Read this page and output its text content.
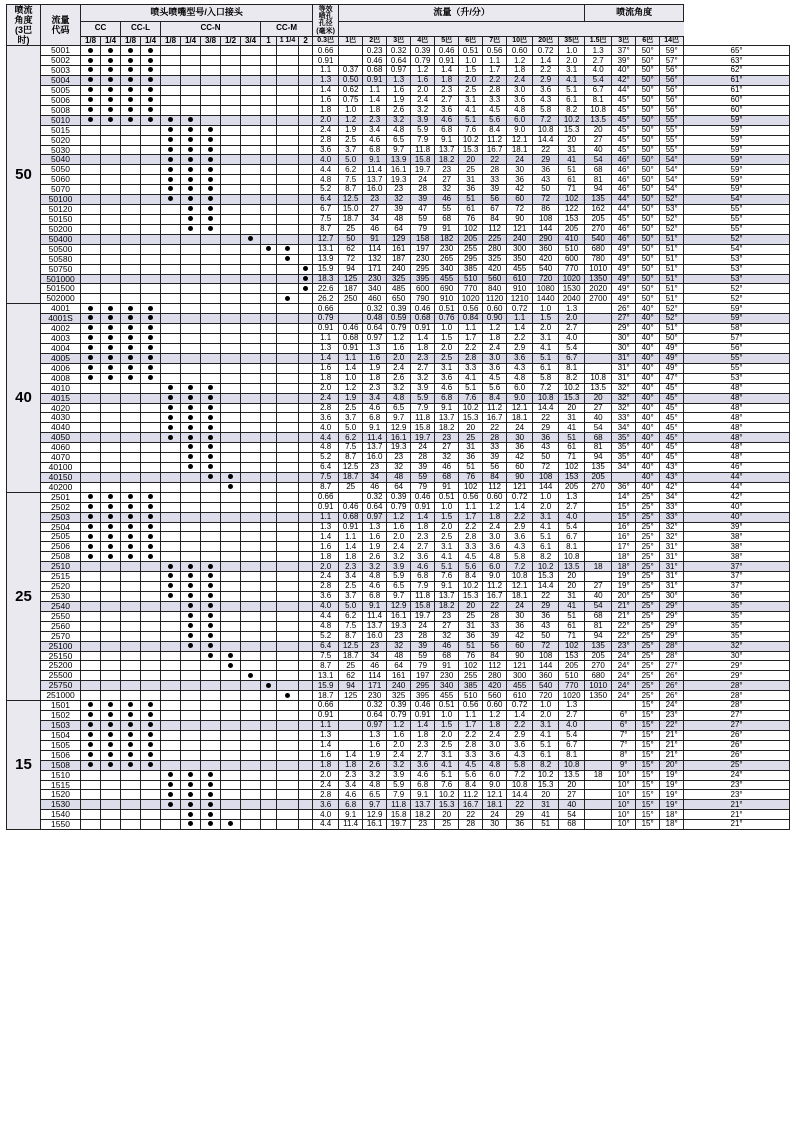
喷流
角度
(3巴
时)	流量
代码	喷头喷嘴型号/入口接头												等效
喷孔
孔径
(毫米)	流量（升/分）										喷流角度				
		CC		CC-L		CC-N					CC-M																		
		1/8	1/4	1/8	1/4	1/8	1/4	3/8	1/2	3/4	1	1 1/4	2	0.3巴	1巴	2巴	3巴	4巴	5巴	6巴	7巴	10巴	20巴	35巴	1.5巴	3巴	6巴	14巴	
50	5001													0.66		0.23	0.32	0.39	0.46	0.51	0.56	0.60	0.72	1.0	1.3	37°	50°	59°	65°
	5002													0.91		0.46	0.64	0.79	0.91	1.0	1.1	1.2	1.4	2.0	2.7	39°	50°	57°	63°
	5003													1.1	0.37	0.68	0.97	1.2	1.4	1.5	1.7	1.8	2.2	3.1	4.0	40°	50°	56°	62°
	5004													1.3	0.50	0.91	1.3	1.6	1.8	2.0	2.2	2.4	2.9	4.1	5.4	42°	50°	56°	61°
	5005													1.4	0.62	1.1	1.6	2.0	2.3	2.5	2.8	3.0	3.6	5.1	6.7	44°	50°	56°	61°
	5006													1.6	0.75	1.4	1.9	2.4	2.7	3.1	3.3	3.6	4.3	6.1	8.1	45°	50°	56°	60°
	5008													1.8	1.0	1.8	2.6	3.2	3.6	4.1	4.5	4.8	5.8	8.2	10.8	45°	50°	56°	60°
	5010													2.0	1.2	2.3	3.2	3.9	4.6	5.1	5.6	6.0	7.2	10.2	13.5	45°	50°	55°	59°
	5015													2.4	1.9	3.4	4.8	5.9	6.8	7.6	8.4	9.0	10.8	15.3	20	45°	50°	55°	59°
	5020													2.8	2.5	4.6	6.5	7.9	9.1	10.2	11.2	12.1	14.4	20	27	45°	50°	55°	59°
	5030													3.6	3.7	6.8	9.7	11.8	13.7	15.3	16.7	18.1	22	31	40	45°	50°	55°	59°
	5040													4.0	5.0	9.1	13.9	15.8	18.2	20	22	24	29	41	54	46°	50°	54°	59°
	5050													4.4	6.2	11.4	16.1	19.7	23	25	28	30	36	51	68	46°	50°	54°	59°
	5060													4.8	7.5	13.7	19.3	24	27	31	33	36	43	61	81	46°	50°	54°	59°
	5070													5.2	8.7	16.0	23	28	32	36	39	42	50	71	94	46°	50°	54°	59°
	50100													6.4	12.5	23	32	39	46	51	56	60	72	102	135	44°	50°	52°	54°
	50120													6.7	15.0	27	39	47	55	61	67	72	86	122	162	44°	50°	53°	55°
	50150													7.5	18.7	34	48	59	68	76	84	90	108	153	205	45°	50°	52°	55°
	50200													8.7	25	46	64	79	91	102	112	121	144	205	270	46°	50°	52°	55°
	50400													12.7	50	91	129	158	182	205	225	240	290	410	540	46°	50°	51°	52°
	50500													13.1	62	114	161	197	230	255	280	300	360	510	680	49°	50°	51°	54°
	50580													13.9	72	132	187	230	265	295	325	350	420	600	780	49°	50°	51°	53°
	50750													15.9	94	171	240	295	340	385	420	455	540	770	1010	49°	50°	51°	53°
	501000													18.3	125	230	325	395	455	510	560	610	720	1020	1350	49°	50°	51°	53°
	501500													22.6	187	340	485	600	690	770	840	910	1080	1530	2020	49°	50°	51°	52°
	502000													26.2	250	460	650	790	910	1020	1120	1210	1440	2040	2700	49°	50°	51°	52°
40	4001													0.66		0.32	0.39	0.46	0.51	0.56	0.60	0.72	1.0	1.3		26°	40°	52°	59°
	4001S													0.79		0.48	0.59	0.68	0.76	0.84	0.90	1.1	1.5	2.0		27°	40°	52°	59°
	4002													0.91	0.46	0.64	0.79	0.91	1.0	1.1	1.2	1.4	2.0	2.7		29°	40°	51°	58°
	4003													1.1	0.68	0.97	1.2	1.4	1.5	1.7	1.8	2.2	3.1	4.0		30°	40°	50°	57°
	4004													1.3	0.91	1.3	1.6	1.8	2.0	2.2	2.4	2.9	4.1	5.4		30°	40°	49°	56°
	4005													1.4	1.1	1.6	2.0	2.3	2.5	2.8	3.0	3.6	5.1	6.7		31°	40°	49°	55°
	4006													1.6	1.4	1.9	2.4	2.7	3.1	3.3	3.6	4.3	6.1	8.1		31°	40°	49°	55°
	4008													1.8	1.0	1.8	2.6	3.2	3.6	4.1	4.5	4.8	5.8	8.2	10.8	31°	40°	47°	53°
	4010													2.0	1.2	2.3	3.2	3.9	4.6	5.1	5.6	6.0	7.2	10.2	13.5	32°	40°	45°	48°
	4015													2.4	1.9	3.4	4.8	5.9	6.8	7.6	8.4	9.0	10.8	15.3	20	32°	40°	45°	48°
	4020													2.8	2.5	4.6	6.5	7.9	9.1	10.2	11.2	12.1	14.4	20	27	32°	40°	45°	48°
	4030													3.6	3.7	6.8	9.7	11.8	13.7	15.3	16.7	18.1	22	31	40	33°	40°	45°	48°
	4040													4.0	5.0	9.1	12.9	15.8	18.2	20	22	24	29	41	54	34°	40°	45°	48°
	4050													4.4	6.2	11.4	16.1	19.7	23	25	28	30	36	51	68	35°	40°	45°	48°
	4060													4.8	7.5	13.7	19.3	24	27	31	33	36	43	61	81	35°	40°	45°	48°
	4070													5.2	8.7	16.0	23	28	32	36	39	42	50	71	94	35°	40°	45°	48°
	40100													6.4	12.5	23	32	39	46	51	56	60	72	102	135	34°	40°	43°	46°
	40150													7.5	18.7	34	48	59	68	76	84	90	108	153	205		40°	43°	44°
	40200													8.7	25	46	64	79	91	102	112	121	144	205	270	36°	40°	42°	44°
25	2501													0.66		0.32	0.39	0.46	0.51	0.56	0.60	0.72	1.0	1.3		14°	25°	34°	42°
	2502													0.91	0.46	0.64	0.79	0.91	1.0	1.1	1.2	1.4	2.0	2.7		15°	25°	33°	40°
	2503													1.1	0.68	0.97	1.2	1.4	1.5	1.7	1.8	2.2	3.1	4.0		15°	25°	33°	40°
	2504													1.3	0.91	1.3	1.6	1.8	2.0	2.2	2.4	2.9	4.1	5.4		16°	25°	32°	39°
	2505													1.4	1.1	1.6	2.0	2.3	2.5	2.8	3.0	3.6	5.1	6.7		16°	25°	32°	38°
	2506													1.6	1.4	1.9	2.4	2.7	3.1	3.3	3.6	4.3	6.1	8.1		17°	25°	31°	38°
	2508													1.8	1.8	2.6	3.2	3.6	4.1	4.5	4.8	5.8	8.2	10.8		18°	25°	31°	38°
	2510													2.0	2.3	3.2	3.9	4.6	5.1	5.6	6.0	7.2	10.2	13.5	18	18°	25°	31°	37°
	2515													2.4	3.4	4.8	5.9	6.8	7.6	8.4	9.0	10.8	15.3	20		19°	25°	31°	37°
	2520													2.8	2.5	4.6	6.5	7.9	9.1	10.2	11.2	12.1	14.4	20	27	19°	25°	31°	37°
	2530													3.6	3.7	6.8	9.7	11.8	13.7	15.3	16.7	18.1	22	31	40	20°	25°	30°	36°
	2540													4.0	5.0	9.1	12.9	15.8	18.2	20	22	24	29	41	54	21°	25°	29°	35°
	2550													4.4	6.2	11.4	16.1	19.7	23	25	28	30	36	51	68	21°	25°	29°	35°
	2560													4.8	7.5	13.7	19.3	24	27	31	33	36	43	61	81	22°	25°	29°	35°
	2570													5.2	8.7	16.0	23	28	32	36	39	42	50	71	94	22°	25°	29°	35°
	25100													6.4	12.5	23	32	39	46	51	56	60	72	102	135	23°	25°	28°	32°
	25150													7.5	18.7	34	48	59	68	76	84	90	108	153	205	24°	25°	28°	30°
	25200													8.7	25	46	64	79	91	102	112	121	144	205	270	24°	25°	27°	29°
	25500													13.1	62	114	161	197	230	255	280	300	360	510	680	24°	25°	26°	29°
	25750													15.9	94	171	240	295	340	385	420	455	540	770	1010	24°	25°	26°	28°
	251000													18.7	125	230	325	395	455	510	560	610	720	1020	1350	24°	25°	26°	28°
15	1501													0.66		0.32	0.39	0.46	0.51	0.56	0.60	0.72	1.0	1.3			15°	24°	28°
	1502													0.91		0.64	0.79	0.91	1.0	1.1	1.2	1.4	2.0	2.7		6°	15°	23°	27°
	1503													1.1		0.97	1.2	1.4	1.5	1.7	1.8	2.2	3.1	4.0		6°	15°	22°	27°
	1504													1.3		1.3	1.6	1.8	2.0	2.2	2.4	2.9	4.1	5.4		7°	15°	21°	26°
	1505													1.4		1.6	2.0	2.3	2.5	2.8	3.0	3.6	5.1	6.7		7°	15°	21°	26°
	1506													1.6	1.4	1.9	2.4	2.7	3.1	3.3	3.6	4.3	6.1	8.1		8°	15°	21°	26°
	1508													1.8	1.8	2.6	3.2	3.6	4.1	4.5	4.8	5.8	8.2	10.8		9°	15°	20°	25°
	1510													2.0	2.3	3.2	3.9	4.6	5.1	5.6	6.0	7.2	10.2	13.5	18	10°	15°	19°	24°
	1515													2.4	3.4	4.8	5.9	6.8	7.6	8.4	9.0	10.8	15.3	20		10°	15°	19°	23°
	1520													2.8	4.6	6.5	7.9	9.1	10.2	11.2	12.1	14.4	20	27		10°	15°	19°	23°
	1530													3.6	6.8	9.7	11.8	13.7	15.3	16.7	18.1	22	31	40		10°	15°	19°	21°
	1540													4.0	9.1	12.9	15.8	18.2	20	22	24	29	41	54		10°	15°	18°	21°
	1550													4.4	11.4	16.1	19.7	23	25	28	30	36	51	68		10°	15°	18°	21°
